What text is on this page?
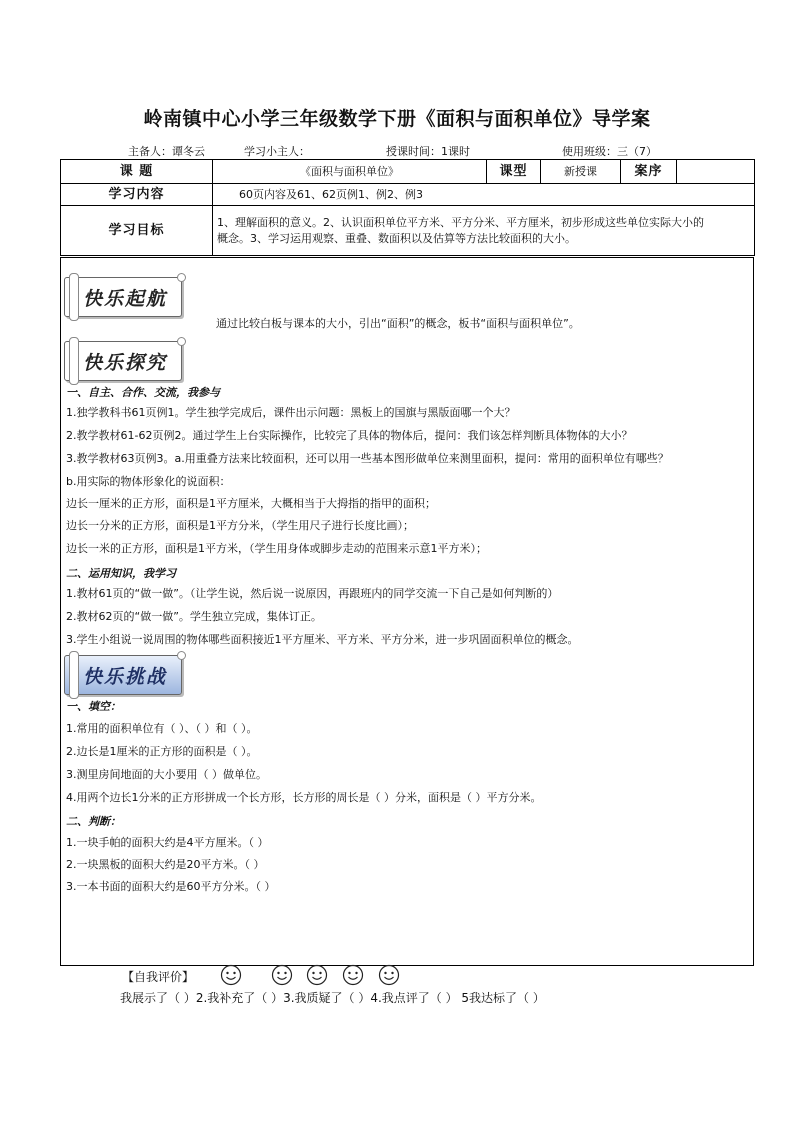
岭南镇中心小学三年级数学下册《面积与面积单位》导学案
主备人：谭冬云	学习小主人：	授课时间：1课时	使用班级：三（7）
课 题	《面积与面积单位》	课型	新授课	案序	
学习内容	60页内容及61、62页例1、例2、例3				
学习目标	1、理解面积的意义。2、认识面积单位平方米、平方分米、平方厘米，初步形成这些单位实际大小的
概念。3、学习运用观察、重叠、数面积以及估算等方法比较面积的大小。				
快乐起航
通过比较白板与课本的大小，引出“面积”的概念，板书“面积与面积单位”。
快乐探究
一、自主、合作、交流，我参与
1.独学教科书61页例1。学生独学完成后，课件出示问题：黑板上的国旗与黑版面哪一个大？
2.教学教材61-62页例2。通过学生上台实际操作，比较完了具体的物体后，提问：我们该怎样判断具体物体的大小？
3.教学教材63页例3。a.用重叠方法来比较面积，还可以用一些基本图形做单位来测里面积，提问：常用的面积单位有哪些？
b.用实际的物体形象化的说面积：
边长一厘米的正方形，面积是1平方厘米，大概相当于大拇指的指甲的面积；
边长一分米的正方形，面积是1平方分米，（学生用尺子进行长度比画）；
边长一米的正方形，面积是1平方米，（学生用身体或脚步走动的范围来示意1平方米）；
二、运用知识，我学习
1.教材61页的“做一做”。（让学生说，然后说一说原因，再跟班内的同学交流一下自己是如何判断的）
2.教材62页的“做一做”。学生独立完成，集体订正。
3.学生小组说一说周围的物体哪些面积接近1平方厘米、平方米、平方分米，进一步巩固面积单位的概念。
快乐挑战
一、填空：
1.常用的面积单位有（ ）、（ ）和（ ）。
2.边长是1厘米的正方形的面积是（ ）。
3.测里房间地面的大小要用（ ）做单位。
4.用两个边长1分米的正方形拼成一个长方形，长方形的周长是（ ）分米，面积是（ ）平方分米。
二、判断：
1.一块手帕的面积大约是4平方厘米。（ ）
2.一块黑板的面积大约是20平方米。（ ）
3.一本书面的面积大约是60平方分米。（ ）
【自我评价】
我展示了（ ）2.我补充了（ ）3.我质疑了（ ）4.我点评了（ ） 5我达标了（ ）
